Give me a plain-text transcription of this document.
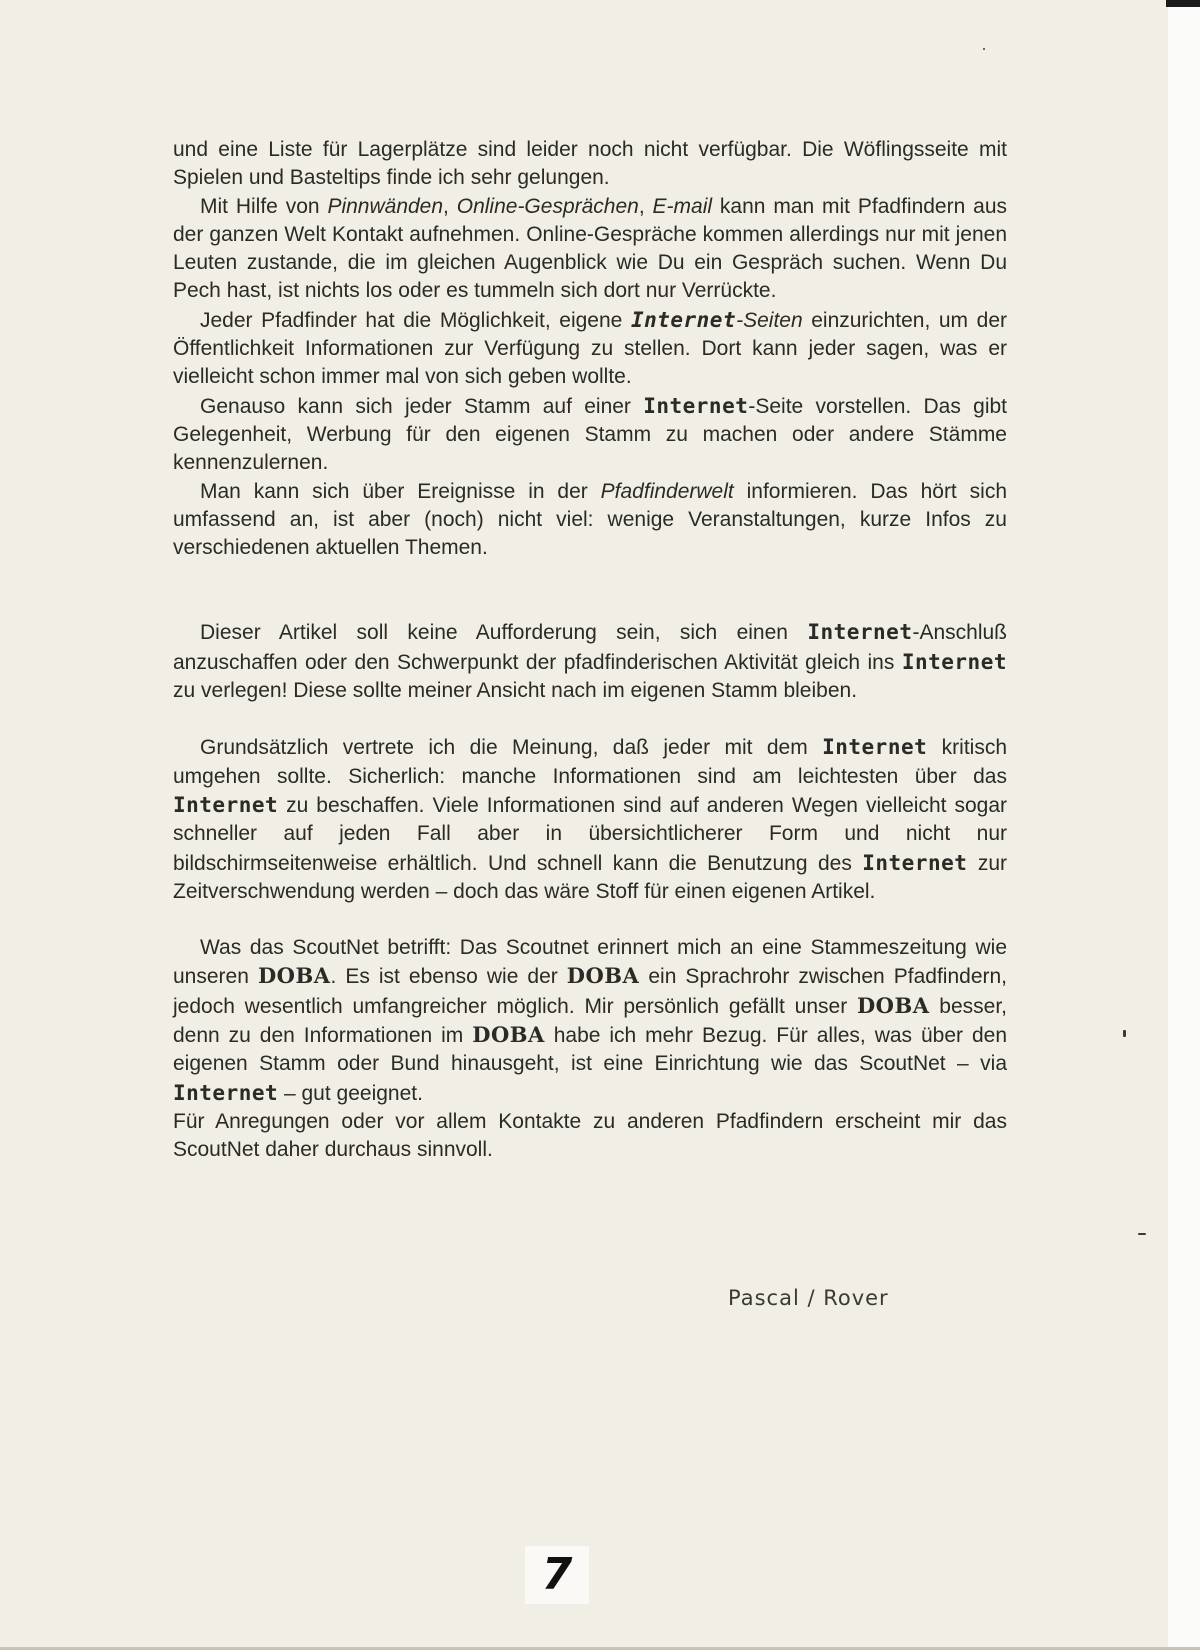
und eine Liste für Lagerplätze sind leider noch nicht verfügbar. Die Wöflingsseite mit Spielen und Basteltips finde ich sehr gelungen.

Mit Hilfe von Pinnwänden, Online-Gesprächen, E-mail kann man mit Pfadfindern aus der ganzen Welt Kontakt aufnehmen. Online-Gespräche kommen allerdings nur mit jenen Leuten zustande, die im gleichen Augenblick wie Du ein Gespräch suchen. Wenn Du Pech hast, ist nichts los oder es tummeln sich dort nur Verrückte.

Jeder Pfadfinder hat die Möglichkeit, eigene Internet-Seiten einzurichten, um der Öffentlichkeit Informationen zur Verfügung zu stellen. Dort kann jeder sagen, was er vielleicht schon immer mal von sich geben wollte.

Genauso kann sich jeder Stamm auf einer Internet-Seite vorstellen. Das gibt Gelegenheit, Werbung für den eigenen Stamm zu machen oder andere Stämme kennenzulernen.

Man kann sich über Ereignisse in der Pfadfinderwelt informieren. Das hört sich umfassend an, ist aber (noch) nicht viel: wenige Veranstaltungen, kurze Infos zu verschiedenen aktuellen Themen.

Dieser Artikel soll keine Aufforderung sein, sich einen Internet-Anschluß anzuschaffen oder den Schwerpunkt der pfadfinderischen Aktivität gleich ins Internet zu verlegen! Diese sollte meiner Ansicht nach im eigenen Stamm bleiben.

Grundsätzlich vertrete ich die Meinung, daß jeder mit dem Internet kritisch umgehen sollte. Sicherlich: manche Informationen sind am leichtesten über das Internet zu beschaffen. Viele Informationen sind auf anderen Wegen vielleicht sogar schneller auf jeden Fall aber in übersichtlicherer Form und nicht nur bildschirmseitenweise erhältlich. Und schnell kann die Benutzung des Internet zur Zeitverschwendung werden – doch das wäre Stoff für einen eigenen Artikel.

Was das ScoutNet betrifft: Das Scoutnet erinnert mich an eine Stammeszeitung wie unseren DOBA. Es ist ebenso wie der DOBA ein Sprachrohr zwischen Pfadfindern, jedoch wesentlich umfangreicher möglich. Mir persönlich gefällt unser DOBA besser, denn zu den Informationen im DOBA habe ich mehr Bezug. Für alles, was über den eigenen Stamm oder Bund hinausgeht, ist eine Einrichtung wie das ScoutNet – via Internet – gut geeignet.

Für Anregungen oder vor allem Kontakte zu anderen Pfadfindern erscheint mir das ScoutNet daher durchaus sinnvoll.

Pascal / Rover
7
